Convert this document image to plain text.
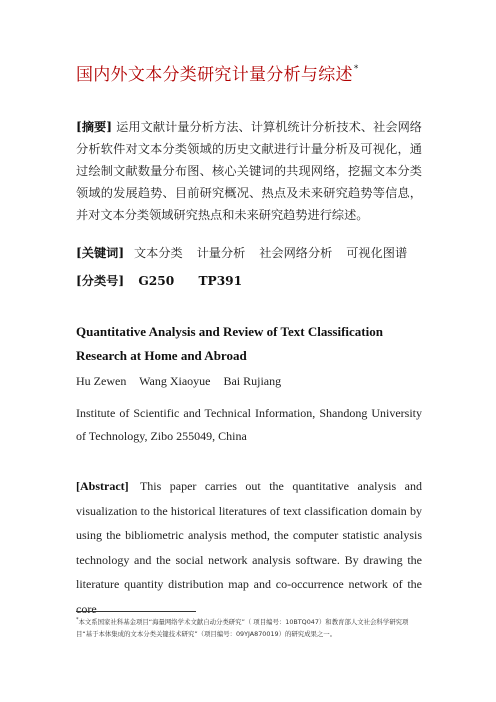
国内外文本分类研究计量分析与综述*
[摘要] 运用文献计量分析方法、计算机统计分析技术、社会网络分析软件对文本分类领域的历史文献进行计量分析及可视化，通过绘制文献数量分布图、核心关键词的共现网络，挖掘文本分类领域的发展趋势、目前研究概况、热点及未来研究趋势等信息，并对文本分类领域研究热点和未来研究趋势进行综述。
[关键词] 文本分类 计量分析 社会网络分析 可视化图谱
[分类号] G250 TP391
Quantitative Analysis and Review of Text Classification Research at Home and Abroad
Hu Zewen Wang Xiaoyue Bai Rujiang
Institute of Scientific and Technical Information, Shandong University of Technology, Zibo 255049, China
[Abstract] This paper carries out the quantitative analysis and visualization to the historical literatures of text classification domain by using the bibliometric analysis method, the computer statistic analysis technology and the social network analysis software. By drawing the literature quantity distribution map and co-occurrence network of the core
*本文系国家社科基金项目“海量网络学术文献自动分类研究”（ 项目编号：10BTQ047）和教育部人文社会科学研究项目“基于本体集成的文本分类关键技术研究”（项目编号：09YJA870019）的研究成果之一。
